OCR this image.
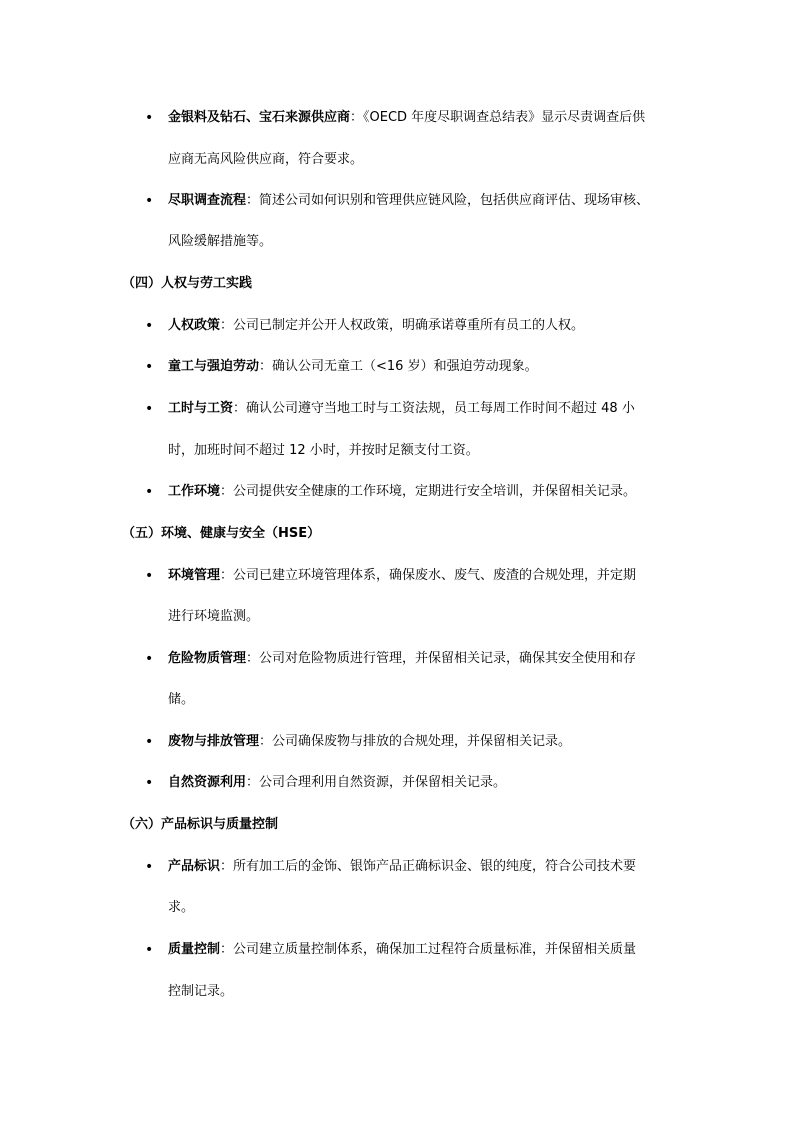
• 金银料及钻石、宝石来源供应商：《OECD 年度尽职调查总结表》显示尽责调查后供
应商无高风险供应商，符合要求。
• 尽职调查流程：简述公司如何识别和管理供应链风险，包括供应商评估、现场审核、
风险缓解措施等。
（四）人权与劳工实践
• 人权政策：公司已制定并公开人权政策，明确承诺尊重所有员工的人权。
• 童工与强迫劳动：确认公司无童工（<16 岁）和强迫劳动现象。
• 工时与工资：确认公司遵守当地工时与工资法规，员工每周工作时间不超过 48 小
时，加班时间不超过 12 小时，并按时足额支付工资。
• 工作环境：公司提供安全健康的工作环境，定期进行安全培训，并保留相关记录。
（五）环境、健康与安全（HSE）
• 环境管理：公司已建立环境管理体系，确保废水、废气、废渣的合规处理，并定期
进行环境监测。
• 危险物质管理：公司对危险物质进行管理，并保留相关记录，确保其安全使用和存
储。
• 废物与排放管理：公司确保废物与排放的合规处理，并保留相关记录。
• 自然资源利用：公司合理利用自然资源，并保留相关记录。
（六）产品标识与质量控制
• 产品标识：所有加工后的金饰、银饰产品正确标识金、银的纯度，符合公司技术要
求。
• 质量控制：公司建立质量控制体系，确保加工过程符合质量标准，并保留相关质量
控制记录。
